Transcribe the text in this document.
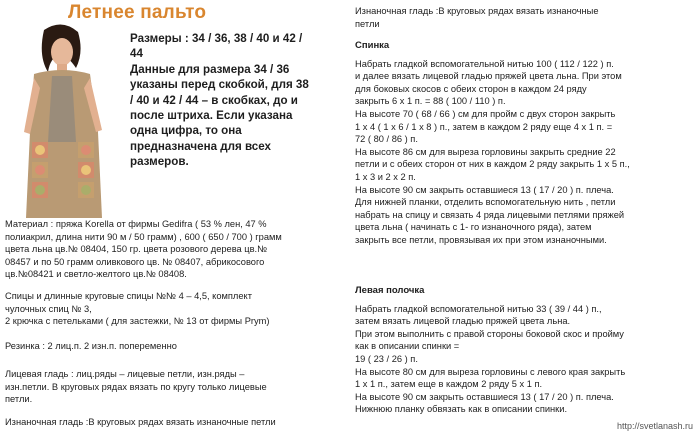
Летнее пальто

Размеры : 34 / 36, 38 / 40 и 42 /

44

Данные для размера 34 / 36

указаны перед скобкой, для 38

/ 40 и 42 / 44 – в скобках, до и

после штриха. Если указана

одна цифра, то она

предназначена для всех

размеров.

Материал : пряжа Korella от фирмы Gedifra ( 53 % лен, 47 %

полиакрил, длина нити 90 м / 50 грамм) , 600 ( 650 / 700 ) грамм

цвета льна цв.№ 08404, 150 гр. цвета розового дерева цв.№

08457 и по 50 грамм оливкового цв. № 08407, абрикосового

цв.№08421 и светло-желтого цв.№ 08408.

Спицы и длинные круговые спицы №№ 4 – 4,5, комплект

чулочных спиц № 3,

2 крючка с петельками ( для застежки, № 13 от фирмы Prym)

Резинка : 2 лиц.п. 2 изн.п. попеременно

Лицевая гладь : лиц.ряды – лицевые петли, изн.ряды –

изн.петли. В круговых рядах вязать по кругу только лицевые

петли.

Изнаночная гладь :В круговых рядах вязать изнаночные петли

Изнаночная гладь :В круговых рядах вязать изнаночные

петли

Спинка

Набрать гладкой вспомогательной нитью 100 ( 112 / 122 ) п.

и далее вязать лицевой гладью пряжей цвета льна. При этом

для боковых скосов с обеих сторон в каждом 24 ряду

закрыть 6 х 1 п. = 88 ( 100 / 110 ) п.

На высоте 70 ( 68 / 66 ) см для пройм с двух сторон закрыть

1 х 4 ( 1 х 6 / 1 х 8 ) п., затем в каждом 2 ряду еще 4 х 1 п. =

72 ( 80 / 86 ) п.

На высоте 86 см для выреза горловины закрыть средние 22

петли и с обеих сторон от них в каждом 2 ряду закрыть 1 х 5 п.,

1 х 3 и 2 х 2 п.

На высоте 90 см закрыть оставшиеся 13 ( 17 / 20 ) п. плеча.

Для нижней планки, отделить вспомогательную нить , петли

набрать на спицу и связать 4 ряда лицевыми петлями пряжей

цвета льна ( начинать с 1- го изнаночного ряда), затем

закрыть все петли, провязывая их при этом изнаночными.

Левая полочка

Набрать гладкой вспомогательной нитью 33 ( 39 / 44 ) п.,

затем вязать лицевой гладью пряжей цвета льна.

При этом выполнить с правой стороны боковой скос и пройму

как в описании спинки =

19 ( 23 / 26 ) п.

На высоте 80 см для выреза горловины с левого края закрыть

1 х 1 п., затем еще в каждом 2 ряду 5 х 1 п.

На высоте 90 см закрыть оставшиеся 13 ( 17 / 20 ) п. плеча.

Нижнюю планку обвязать как в описании спинки.

http://svetlanash.ru
